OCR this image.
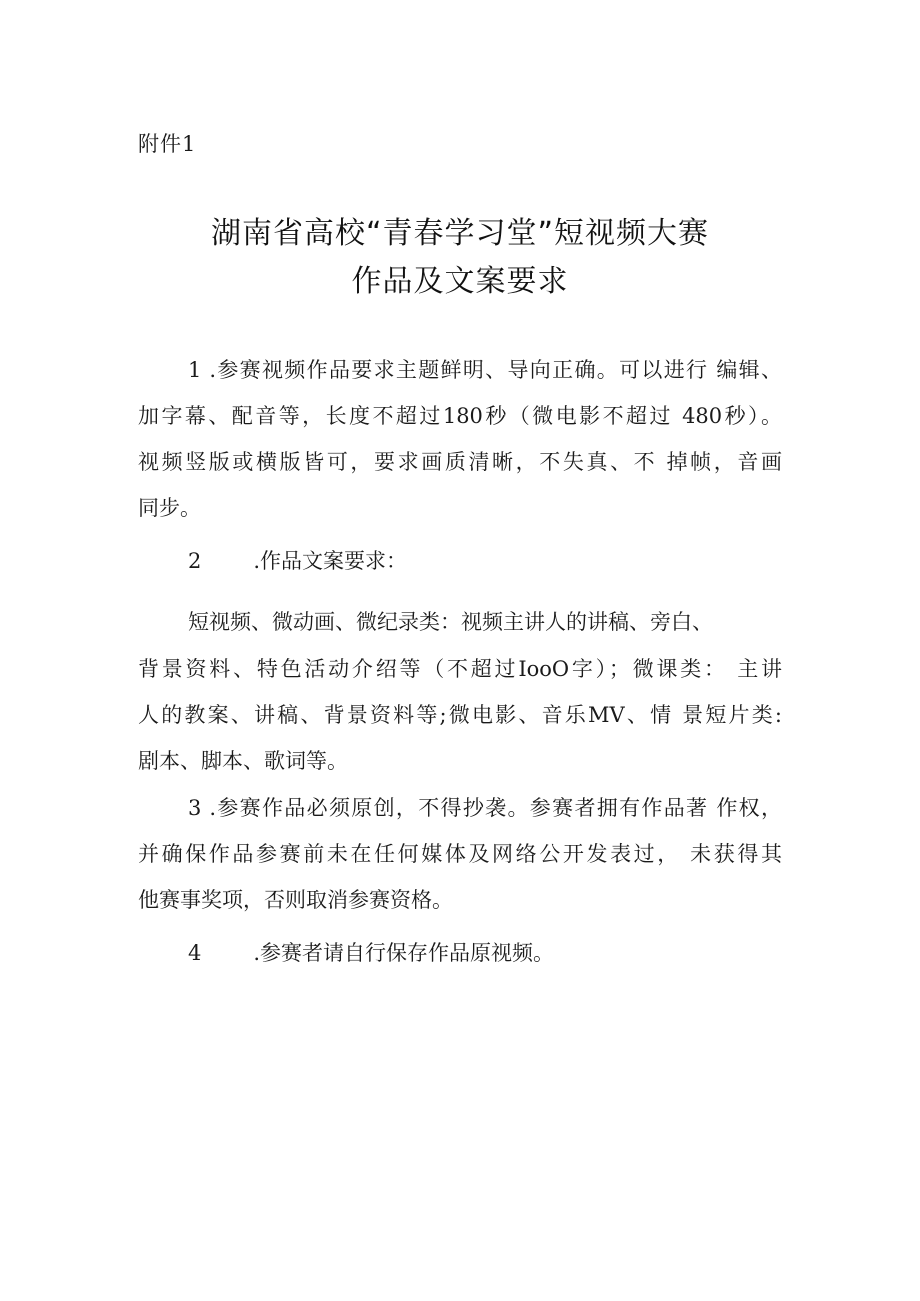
附件1
湖南省高校“青春学习堂”短视频大赛
作品及文案要求
1 .参赛视频作品要求主题鲜明、导向正确。可以进行 编辑、
加字幕、配音等，长度不超过180秒（微电影不超过 480秒）。
视频竖版或横版皆可，要求画质清晰，不失真、不 掉帧，音画
同步。
2 .作品文案要求：
短视频、微动画、微纪录类：视频主讲人的讲稿、旁白、
背景资料、特色活动介绍等（不超过IooO字）；微课类： 主讲
人的教案、讲稿、背景资料等;微电影、音乐MV、情 景短片类:
剧本、脚本、歌词等。
3 .参赛作品必须原创，不得抄袭。参赛者拥有作品著 作权，
并确保作品参赛前未在任何媒体及网络公开发表过， 未获得其
他赛事奖项，否则取消参赛资格。
4 .参赛者请自行保存作品原视频。
